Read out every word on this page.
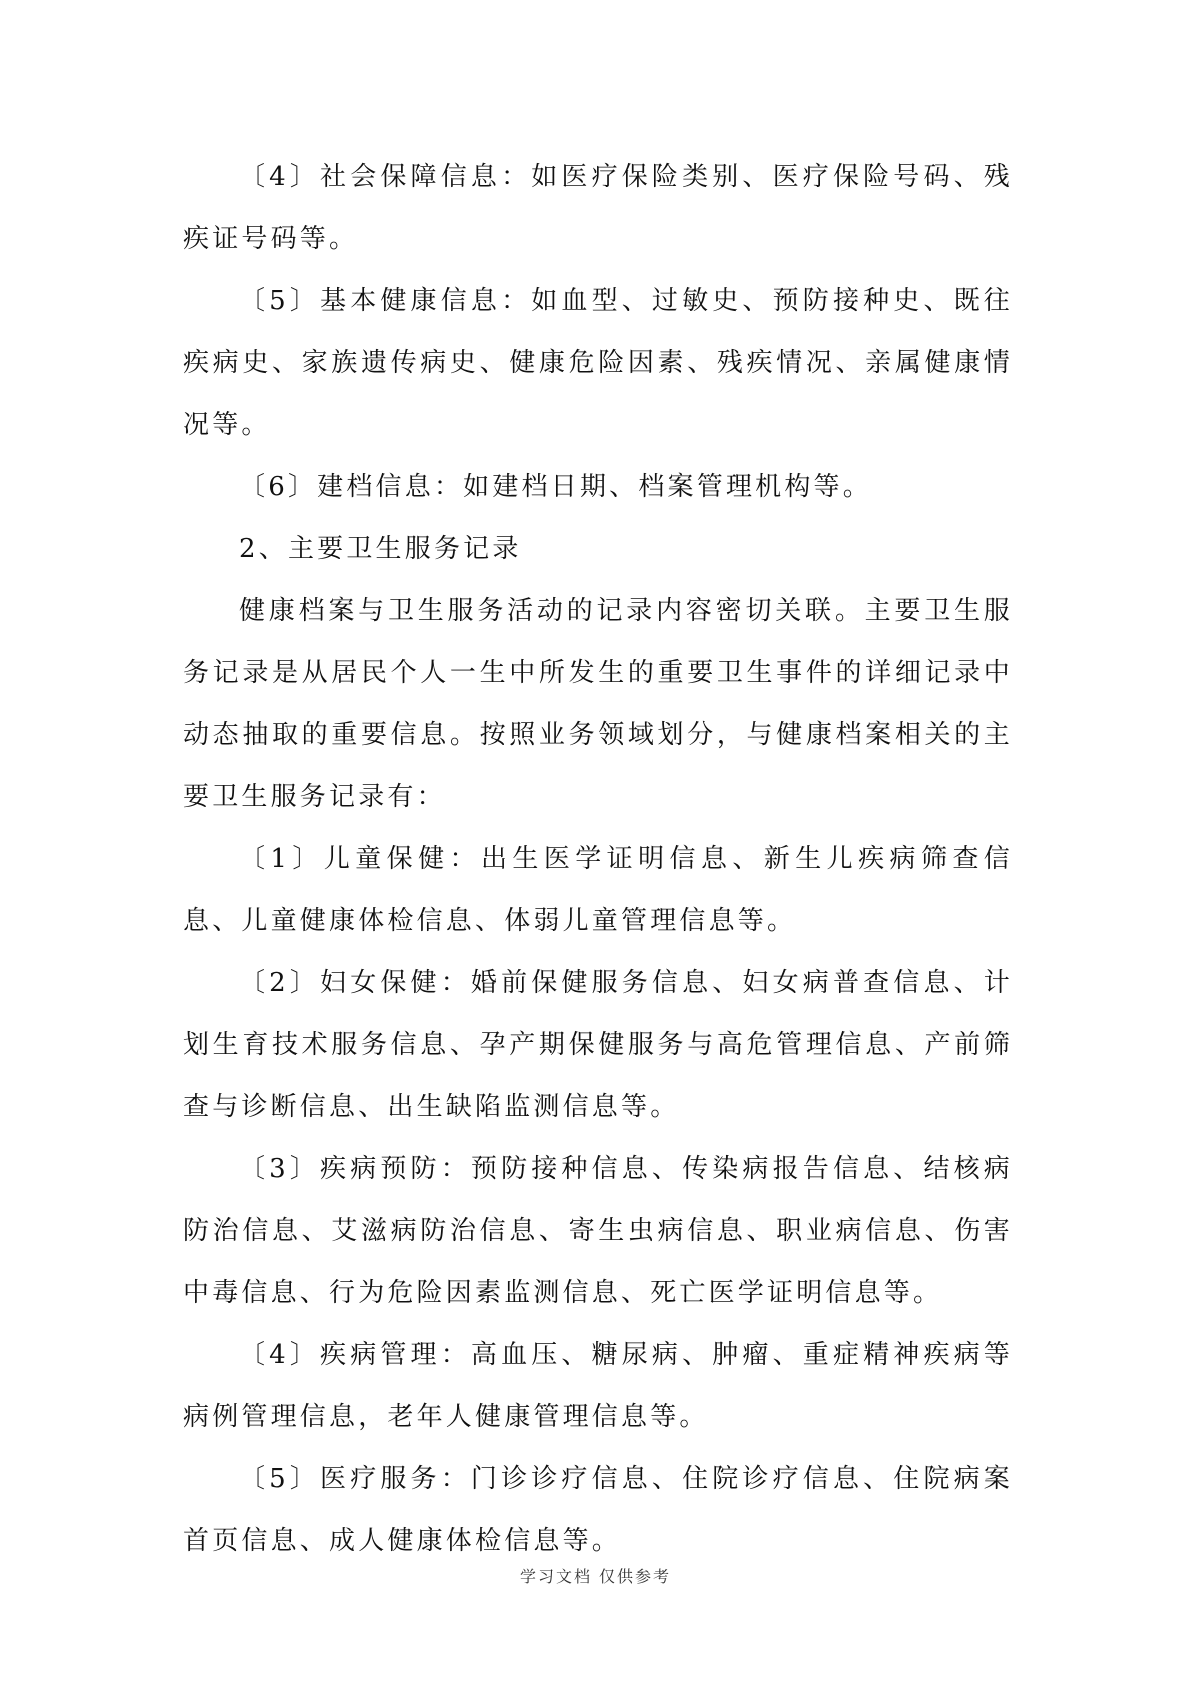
〔4〕社会保障信息：如医疗保险类别、医疗保险号码、残疾证号码等。

〔5〕基本健康信息：如血型、过敏史、预防接种史、既往疾病史、家族遗传病史、健康危险因素、残疾情况、亲属健康情况等。

〔6〕建档信息：如建档日期、档案管理机构等。

2、主要卫生服务记录

健康档案与卫生服务活动的记录内容密切关联。主要卫生服务记录是从居民个人一生中所发生的重要卫生事件的详细记录中动态抽取的重要信息。按照业务领域划分，与健康档案相关的主要卫生服务记录有：

〔1〕儿童保健：出生医学证明信息、新生儿疾病筛查信息、儿童健康体检信息、体弱儿童管理信息等。

〔2〕妇女保健：婚前保健服务信息、妇女病普查信息、计划生育技术服务信息、孕产期保健服务与高危管理信息、产前筛查与诊断信息、出生缺陷监测信息等。

〔3〕疾病预防：预防接种信息、传染病报告信息、结核病防治信息、艾滋病防治信息、寄生虫病信息、职业病信息、伤害中毒信息、行为危险因素监测信息、死亡医学证明信息等。

〔4〕疾病管理：高血压、糖尿病、肿瘤、重症精神疾病等病例管理信息，老年人健康管理信息等。

〔5〕医疗服务：门诊诊疗信息、住院诊疗信息、住院病案首页信息、成人健康体检信息等。

学习文档 仅供参考
